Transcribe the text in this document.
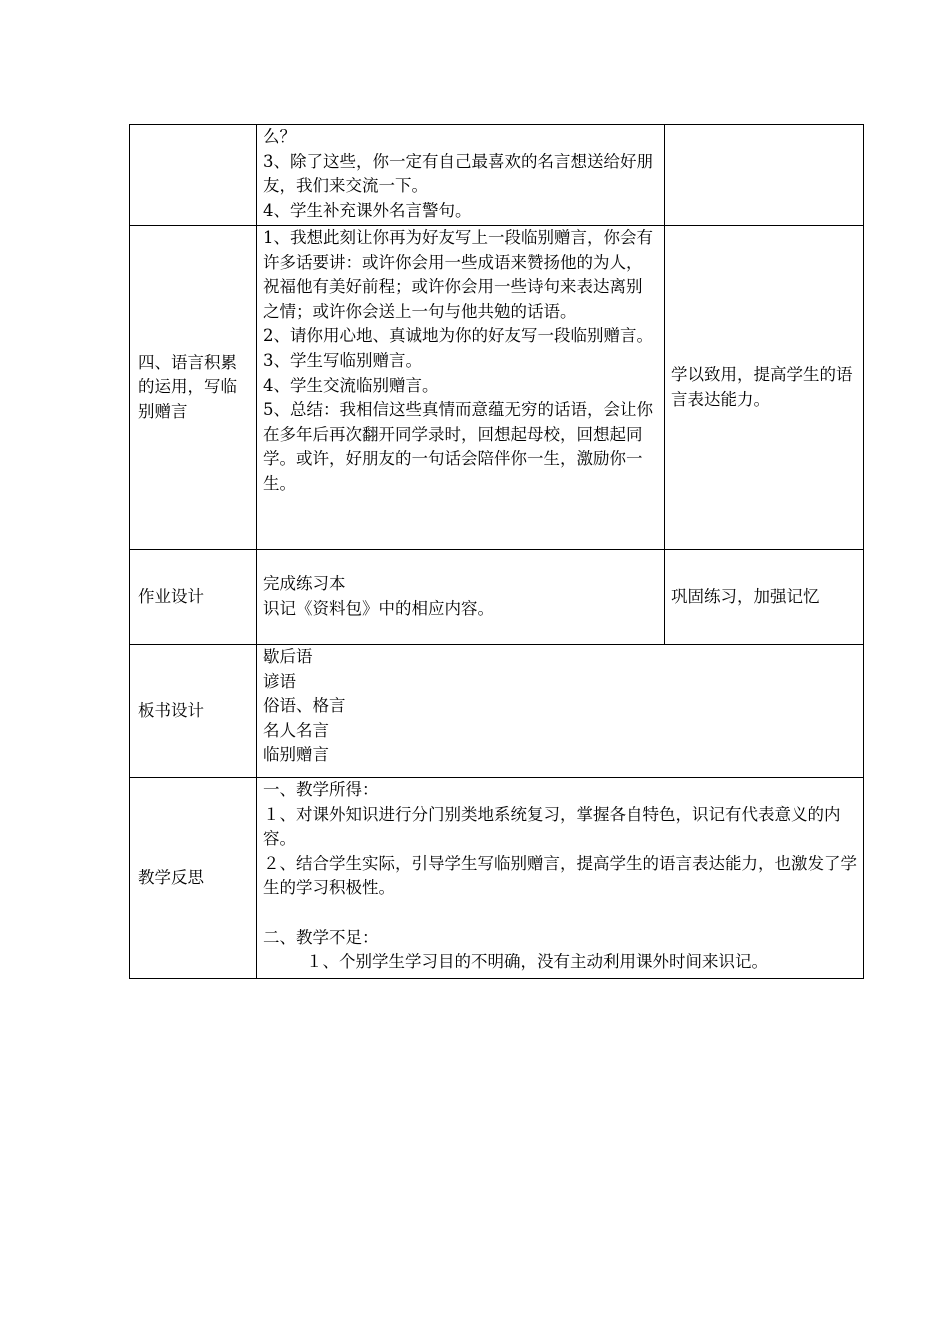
	么？
3、除了这些，你一定有自己最喜欢的名言想送给好朋友，我们来交流一下。
4、学生补充课外名言警句。	

四、语言积累的运用，写临别赠言	1、我想此刻让你再为好友写上一段临别赠言，你会有许多话要讲：或许你会用一些成语来赞扬他的为人，祝福他有美好前程；或许你会用一些诗句来表达离别之情；或许你会送上一句与他共勉的话语。
2、请你用心地、真诚地为你的好友写一段临别赠言。
3、学生写临别赠言。
4、学生交流临别赠言。
5、总结：我相信这些真情而意蕴无穷的话语，会让你在多年后再次翻开同学录时，回想起母校，回想起同学。或许，好朋友的一句话会陪伴你一生，激励你一生。	学以致用，提高学生的语言表达能力。
作业设计	完成练习本
识记《资料包》中的相应内容。	巩固练习，加强记忆
板书设计	歇后语
谚语
俗语、格言
名人名言
临别赠言	

教学反思	一、教学所得：
１、对课外知识进行分门别类地系统复习，掌握各自特色，识记有代表意义的内容。
２、结合学生实际，引导学生写临别赠言，提高学生的语言表达能力，也激发了学生的学习积极性。

二、教学不足：
１、个别学生学习目的不明确，没有主动利用课外时间来识记。	
